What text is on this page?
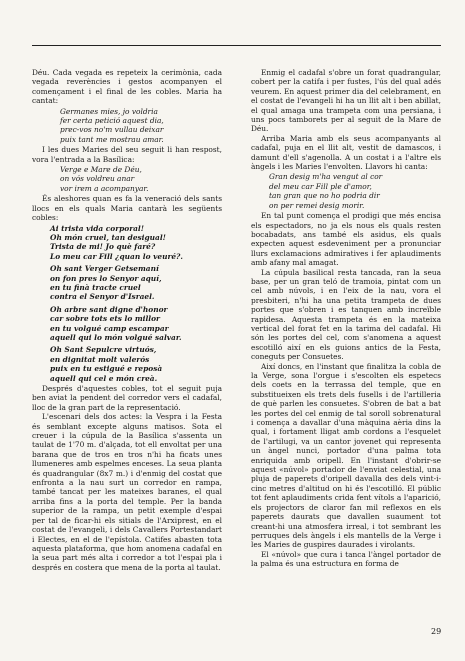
Déu. Cada vegada es repeteix la cerimònia, cada vegada reverències i gestos acompanyen el començament i el final de les cobles. Maria ha cantat:

Germanes mies, jo voldria
fer certa petició aquest dia,
prec-vos no'm vullau deixar
puix tant me mostrau amar.

I les dues Maries del seu seguit li han respost, vora l'entrada a la Basílica:

Verge e Mare de Déu,
on vós voldreu anar
vor irem a acompanyar.

És aleshores quan es fa la veneració dels sants llocs en els quals Maria cantarà les següents cobles:

Ai trista vida corporal!
Oh món cruel, tan desigual!
Trista de mi! Jo què faré?
Lo meu car Fill ¿quan lo veuré?.
Oh sant Verger Getsemaní
on fon pres lo Senyor aquí,
en tu finà tracte cruel
contra el Senyor d'Israel.
Oh arbre sant digne d'honor
car sobre tots ets lo millor
en tu volgué camp escampar
aquell qui lo món volgué salvar.
Oh Sant Sepulcre virtuós,
en dignitat molt valerós
puix en tu estigué e reposà
aquell qui cel e món creà.

Després d'aquestes cobles, tot el seguit puja ben aviat la pendent del corredor vers el cadafal, lloc de la gran part de la representació.

L'escenari dels dos actes: la Vespra i la Festa és semblant excepte alguns matisos. Sota el creuer i la cúpula de la Basílica s'assenta un taulat de 1'70 m. d'alçada, tot ell envoltat per una barana que de tros en tros n'hi ha ficats unes llumeneres amb espelmes enceses. La seua planta és quadrangular (8x7 m.) i d'enmig del costat que enfronta a la nau surt un corredor en rampa, també tancat per les mateixes baranes, el qual arriba fins a la porta del temple. Per la banda superior de la rampa, un petit exemple d'espai per tal de ficar-hi els sitials de l'Arxiprest, en el costat de l'evangeli, i dels Cavallers Portestandart i Electes, en el de l'epístola. Catifes abasten tota aquesta plataforma, que hom anomena cadafal en la seua part més alta i corredor a tot l'espai pla i després en costera que mena de la porta al taulat.

Enmig el cadafal s'obre un forat quadrangular, cobert per la catifa i per fustes, l'ús del qual adés veurem. En aquest primer dia del celebrament, en el costat de l'evangeli hi ha un llit alt i ben abillat, el qual amaga una trampeta com una persiana, i uns pocs tamborets per al seguit de la Mare de Déu.

Arriba Maria amb els seus acompanyants al cadafal, puja en el llit alt, vestit de damascos, i damunt d'ell s'agenolla. A un costat i a l'altre els àngels i les Maries l'envolten. Llavors hi canta:

Gran desig m'ha vengut al cor
del meu car Fill ple d'amor,
tan gran que no ho podria dir
on per remei desig morir.

En tal punt comença el prodigi que més encisa els espectadors, no ja els nous els quals resten bocabadats, ans també els asidus, els quals expecten aquest esdeveniment per a pronunciar llurs exclamacions admiratives i fer aplaudiments amb afany mal amagat.

La cúpula basilical resta tancada, ran la seua base, per un gran teló de tramoia, pintat com un cel amb núvols, i en l'eix de la nau, vora el presbiteri, n'hi ha una petita trampeta de dues portes que s'obren i es tanquen amb increïble rapidesa. Aquesta trampeta és en la mateixa vertical del forat fet en la tarima del cadafal. Hi són les portes del cel, com s'anomena a aquest escotilló així en els guions antics de la Festa, coneguts per Consuetes.

Així doncs, en l'instant que finalitza la cobla de la Verge, sona l'orgue i s'escolten els espetecs dels coets en la terrassa del temple, que en substitueixen els trets dels fusells i de l'artilleria de què parlen les consuetes. S'obren de bat a bat les portes del cel enmig de tal soroll sobrenatural i comença a davallar d'una màquina aèria dins la qual, i fortament lligat amb cordons a l'esquelet de l'artilugi, va un cantor jovenet qui representa un àngel nunci, portador d'una palma tota enriquida amb oripell. En l'instant d'obrir-se aquest «núvol» portador de l'enviat celestial, una pluja de paperets d'oripell davalla des dels vint-i-cinc metres d'altitud on hi és l'escotilló. El públic tot fent aplaudiments crida fent vítols a l'aparició, els projectors de claror fan mil reflexos en els paperets daurats que davallen suaument tot creant-hi una atmosfera irreal, i tot sembrant les perruques dels àngels i els mantells de la Verge i les Maries de guspires daurades i virolants.

El «núvol» que cura i tanca l'àngel portador de la palma és una estructura en forma de

29
